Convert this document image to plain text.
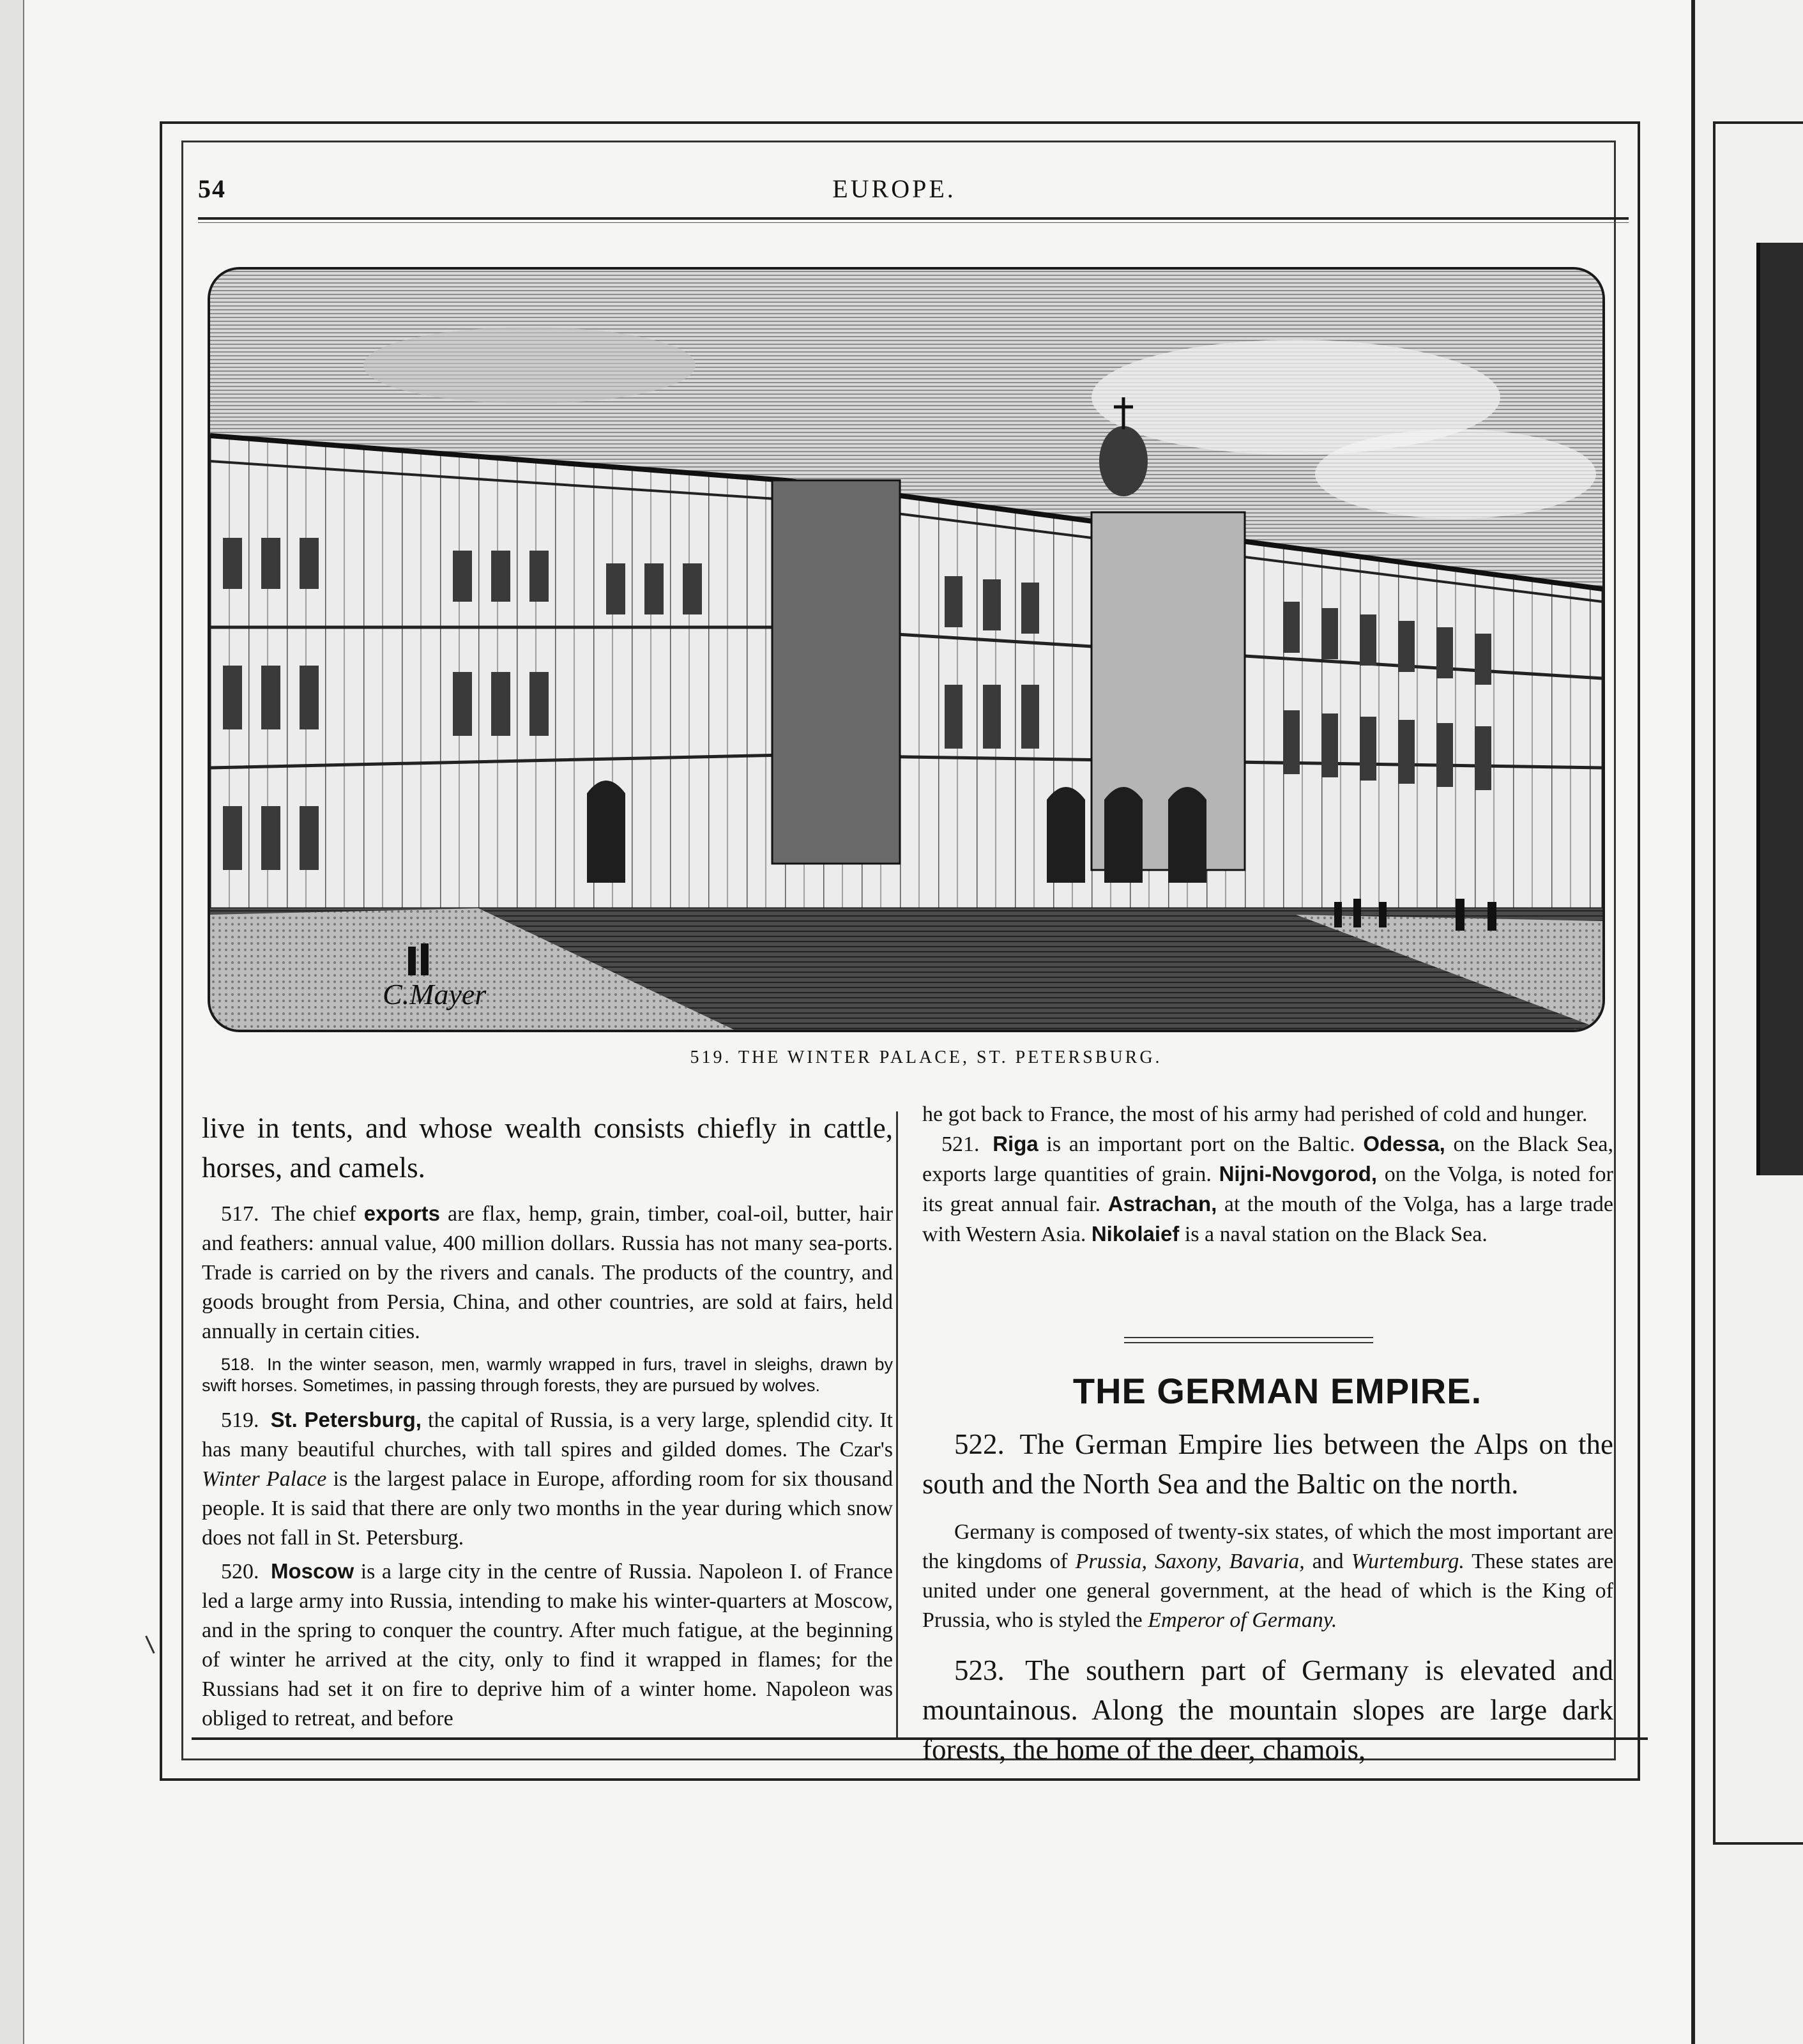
54	EUROPE.
C.Mayer
519. THE WINTER PALACE, ST. PETERSBURG.

live in tents, and whose wealth consists chiefly in cattle, horses, and camels.

517. The chief exports are flax, hemp, grain, timber, coal-oil, butter, hair and feathers: annual value, 400 million dollars. Russia has not many sea-ports. Trade is carried on by the rivers and canals. The products of the country, and goods brought from Persia, China, and other countries, are sold at fairs, held annually in certain cities.

518. In the winter season, men, warmly wrapped in furs, travel in sleighs, drawn by swift horses. Sometimes, in passing through forests, they are pursued by wolves.

519. St. Petersburg, the capital of Russia, is a very large, splendid city. It has many beautiful churches, with tall spires and gilded domes. The Czar's Winter Palace is the largest palace in Europe, affording room for six thousand people. It is said that there are only two months in the year during which snow does not fall in St. Petersburg.

520. Moscow is a large city in the centre of Russia. Napoleon I. of France led a large army into Russia, intending to make his winter-quarters at Moscow, and in the spring to conquer the country. After much fatigue, at the beginning of winter he arrived at the city, only to find it wrapped in flames; for the Russians had set it on fire to deprive him of a winter home. Napoleon was obliged to retreat, and before

he got back to France, the most of his army had perished of cold and hunger.

521. Riga is an important port on the Baltic. Odessa, on the Black Sea, exports large quantities of grain. Nijni-Novgorod, on the Volga, is noted for its great annual fair. Astrachan, at the mouth of the Volga, has a large trade with Western Asia. Nikolaief is a naval station on the Black Sea.

THE GERMAN EMPIRE.

522. The German Empire lies between the Alps on the south and the North Sea and the Baltic on the north.

Germany is composed of twenty-six states, of which the most important are the kingdoms of Prussia, Saxony, Bavaria, and Wurtemburg. These states are united under one general government, at the head of which is the King of Prussia, who is styled the Emperor of Germany.

523. The southern part of Germany is elevated and mountainous. Along the mountain slopes are large dark forests, the home of the deer, chamois,
